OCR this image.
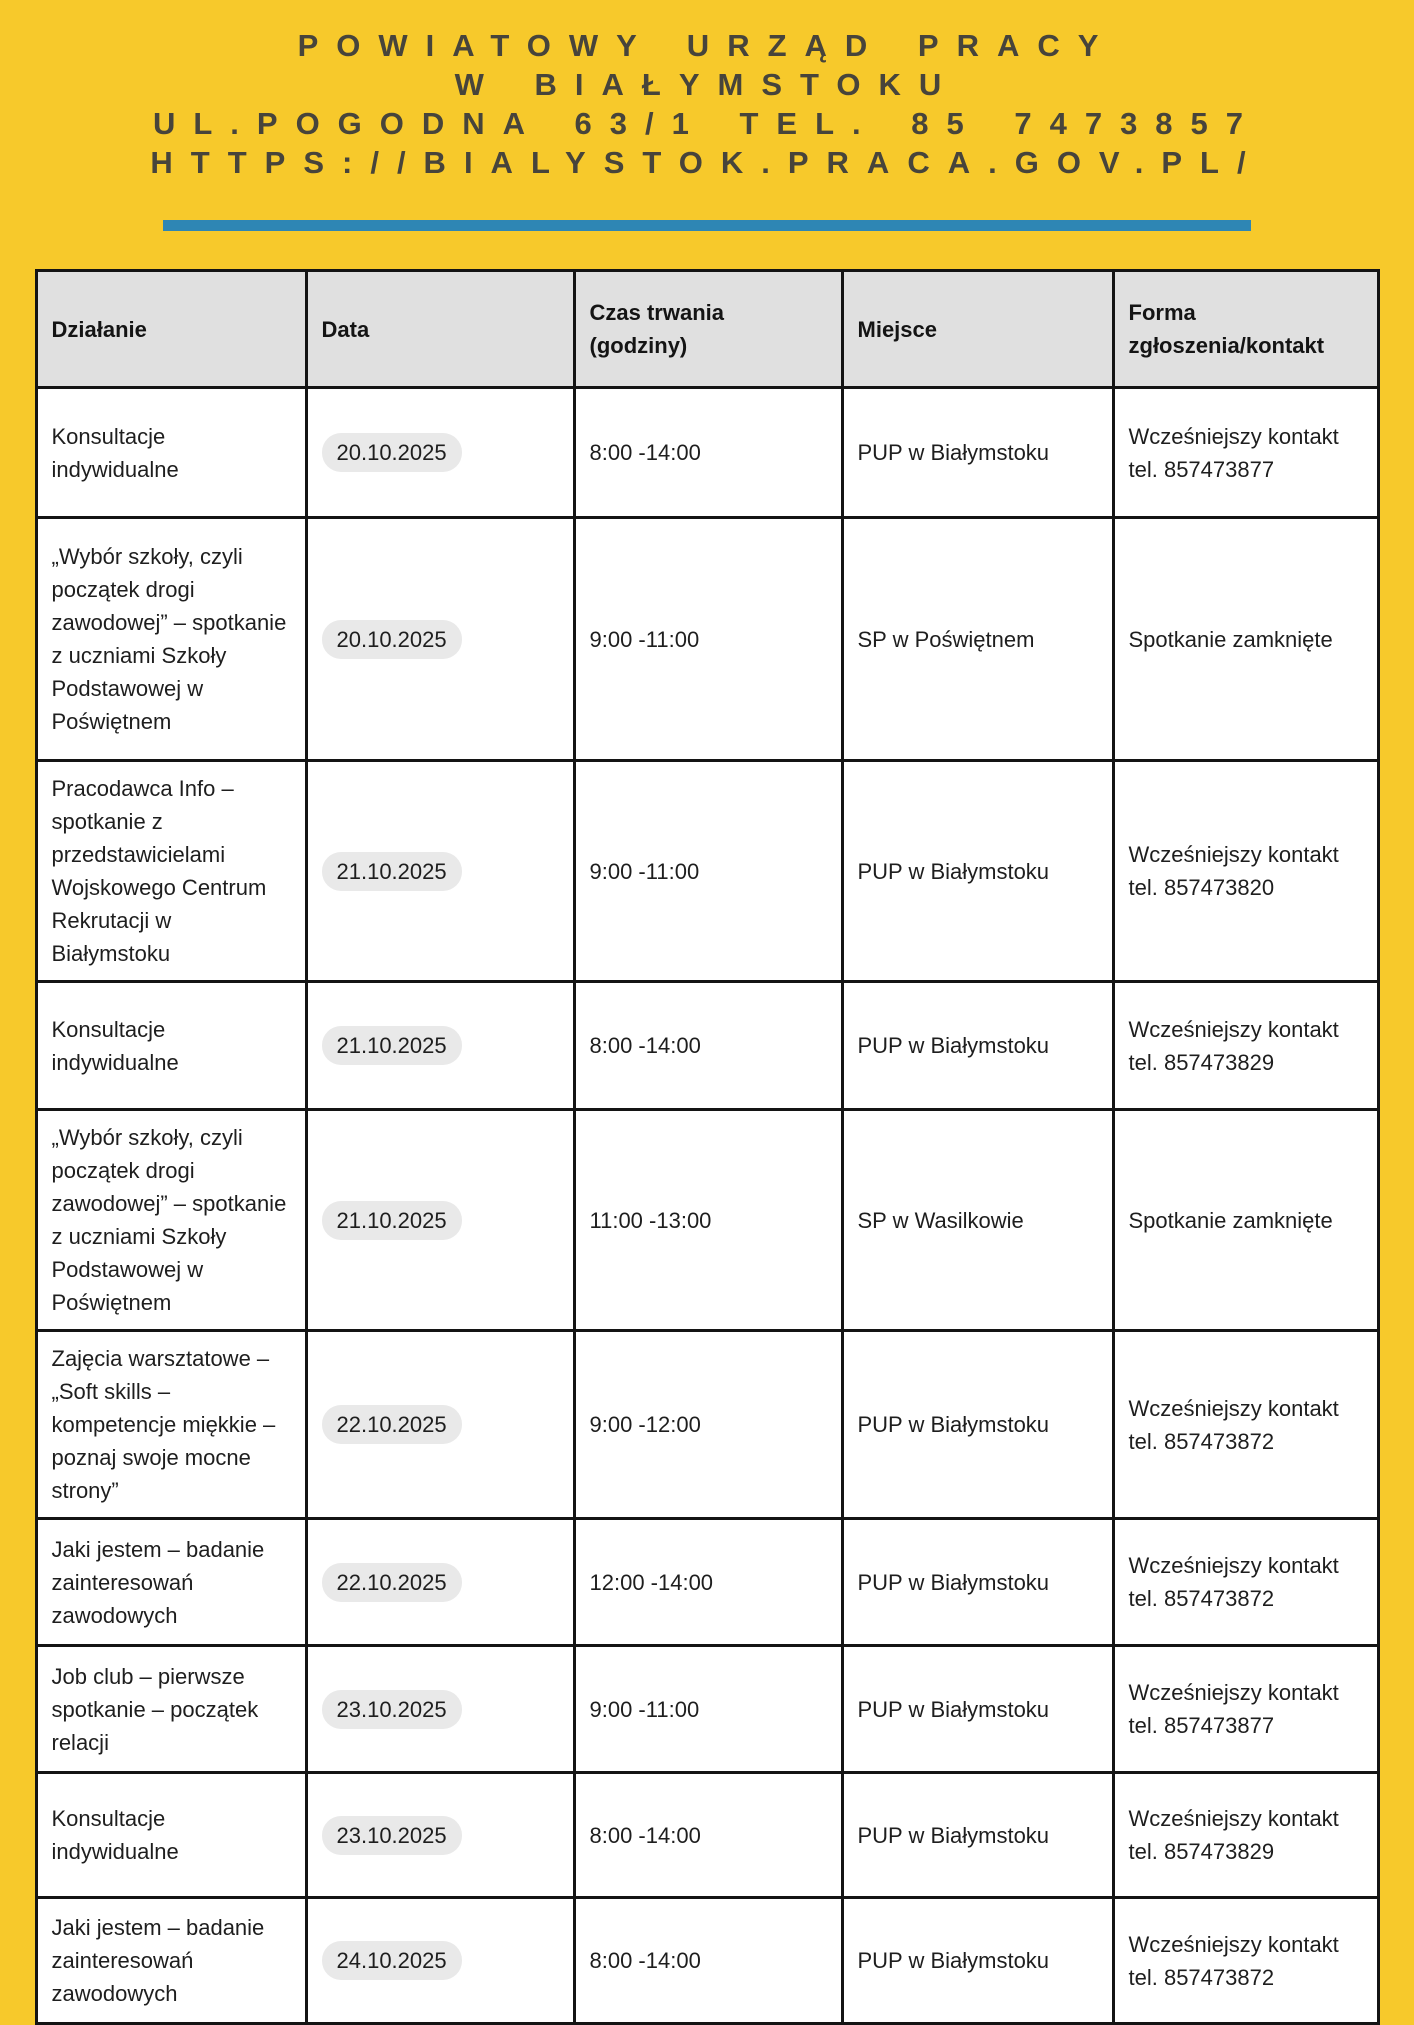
POWIATOWY URZĄD PRACY
W BIAŁYMSTOKU
UL.POGODNA 63/1 TEL. 85 7473857
HTTPS://BIALYSTOK.PRACA.GOV.PL/
Działanie	Data	Czas trwania (godziny)	Miejsce	Forma zgłoszenia/kontakt
Konsultacje indywidualne	20.10.2025	8:00 -14:00	PUP w Białymstoku	Wcześniejszy kontakt
tel. 857473877

„Wybór szkoły, czyli początek drogi zawodowej” – spotkanie z uczniami Szkoły Podstawowej w Poświętnem	20.10.2025	9:00 -11:00	SP w Poświętnem	Spotkanie zamknięte

Pracodawca Info – spotkanie z przedstawicielami Wojskowego Centrum Rekrutacji w Białymstoku	21.10.2025	9:00 -11:00	PUP w Białymstoku	Wcześniejszy kontakt
tel. 857473820

Konsultacje indywidualne	21.10.2025	8:00 -14:00	PUP w Białymstoku	Wcześniejszy kontakt
tel. 857473829

„Wybór szkoły, czyli początek drogi zawodowej” – spotkanie z uczniami Szkoły Podstawowej w Poświętnem	21.10.2025	11:00 -13:00	SP w Wasilkowie	Spotkanie zamknięte

Zajęcia warsztatowe – „Soft skills – kompetencje miękkie – poznaj swoje mocne strony”	22.10.2025	9:00 -12:00	PUP w Białymstoku	Wcześniejszy kontakt
tel. 857473872

Jaki jestem – badanie zainteresowań zawodowych	22.10.2025	12:00 -14:00	PUP w Białymstoku	Wcześniejszy kontakt
tel. 857473872

Job club – pierwsze spotkanie – początek relacji	23.10.2025	9:00 -11:00	PUP w Białymstoku	Wcześniejszy kontakt
tel. 857473877

Konsultacje indywidualne	23.10.2025	8:00 -14:00	PUP w Białymstoku	Wcześniejszy kontakt
tel. 857473829

Jaki jestem – badanie zainteresowań zawodowych	24.10.2025	8:00 -14:00	PUP w Białymstoku	Wcześniejszy kontakt
tel. 857473872
